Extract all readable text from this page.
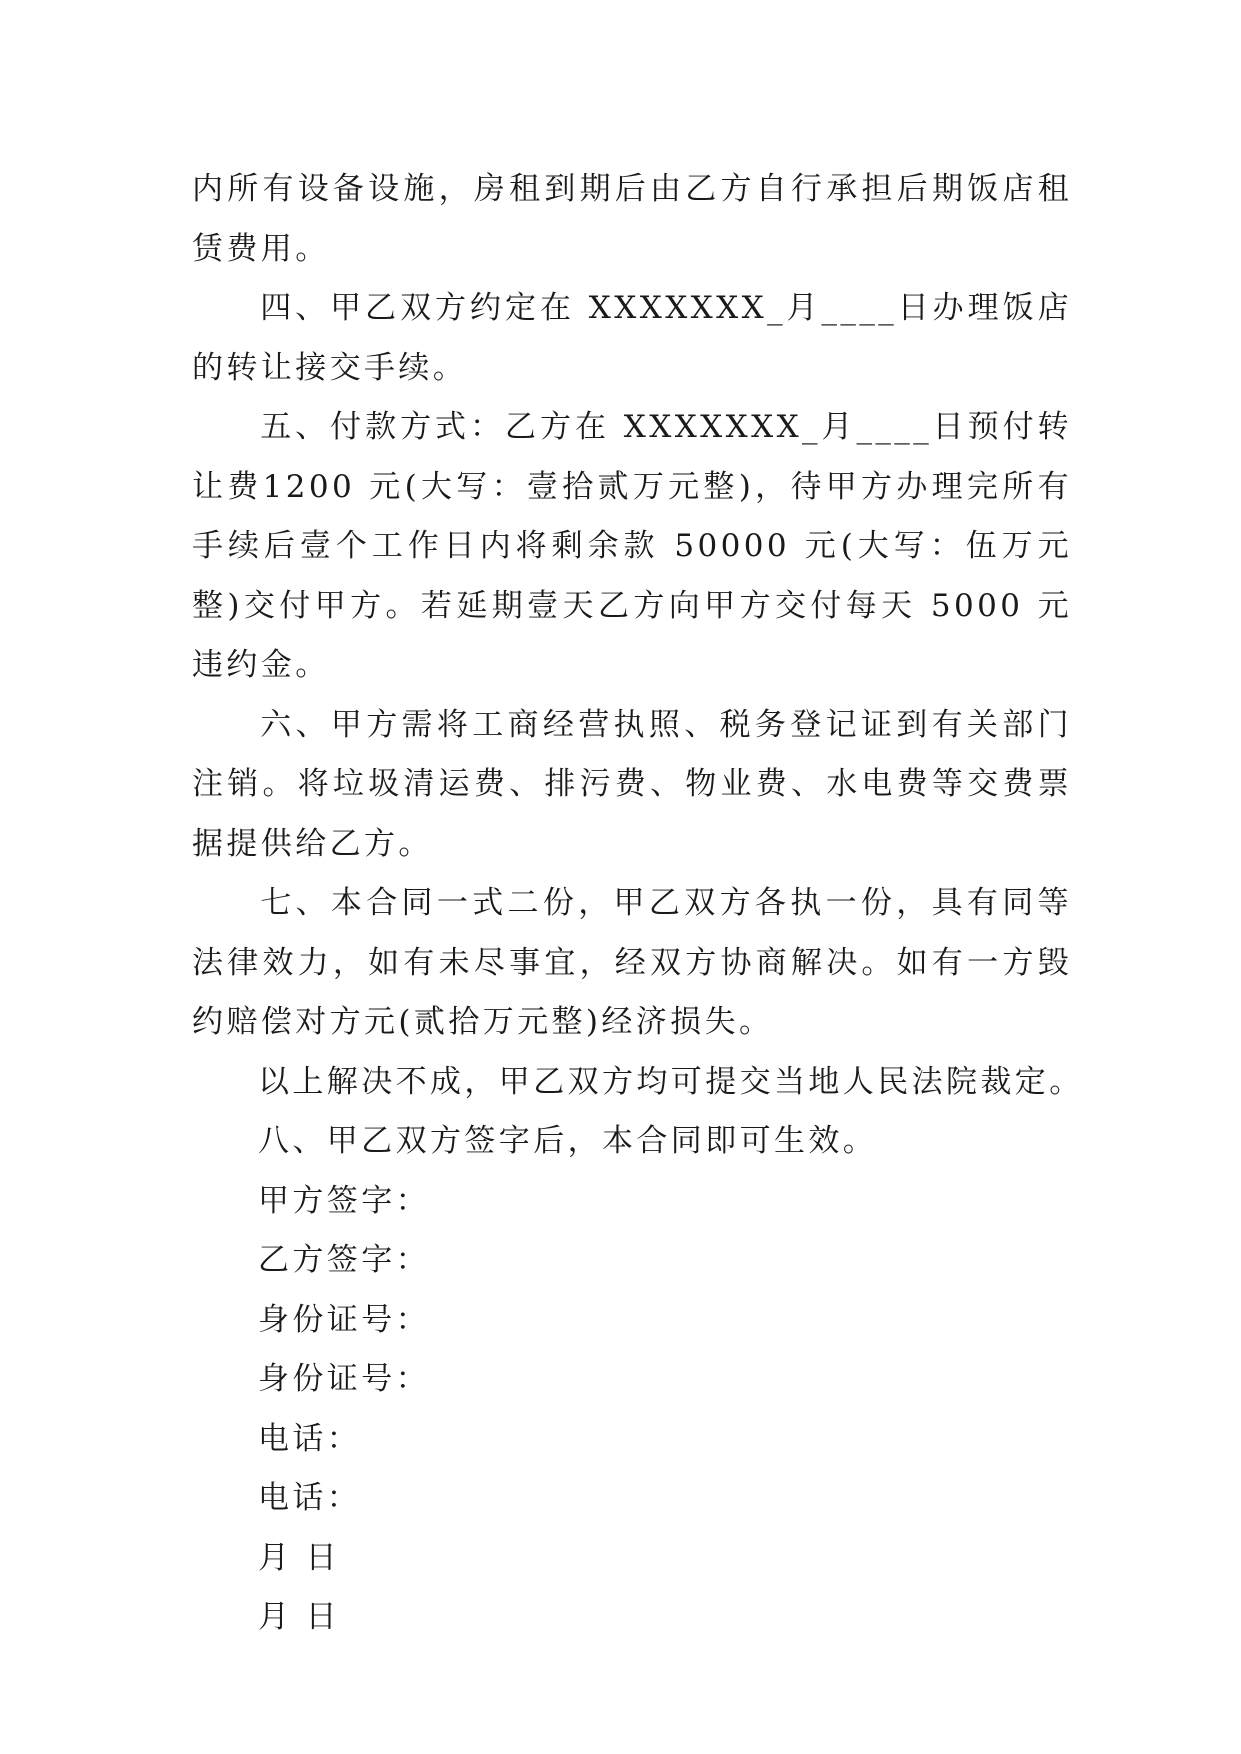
内所有设备设施，房租到期后由乙方自行承担后期饭店租赁费用。

四、甲乙双方约定在 XXXXXXX_月____日办理饭店的转让接交手续。

五、付款方式：乙方在 XXXXXXX_月____日预付转让费1200 元(大写：壹拾贰万元整)，待甲方办理完所有手续后壹个工作日内将剩余款 50000 元(大写：伍万元整)交付甲方。若延期壹天乙方向甲方交付每天 5000 元违约金。

六、甲方需将工商经营执照、税务登记证到有关部门注销。将垃圾清运费、排污费、物业费、水电费等交费票据提供给乙方。

七、本合同一式二份，甲乙双方各执一份，具有同等法律效力，如有未尽事宜，经双方协商解决。如有一方毁约赔偿对方元(贰拾万元整)经济损失。

以上解决不成，甲乙双方均可提交当地人民法院裁定。

八、甲乙双方签字后，本合同即可生效。

甲方签字：

乙方签字：

身份证号：

身份证号：

电话：

电话：

月 日

月 日
